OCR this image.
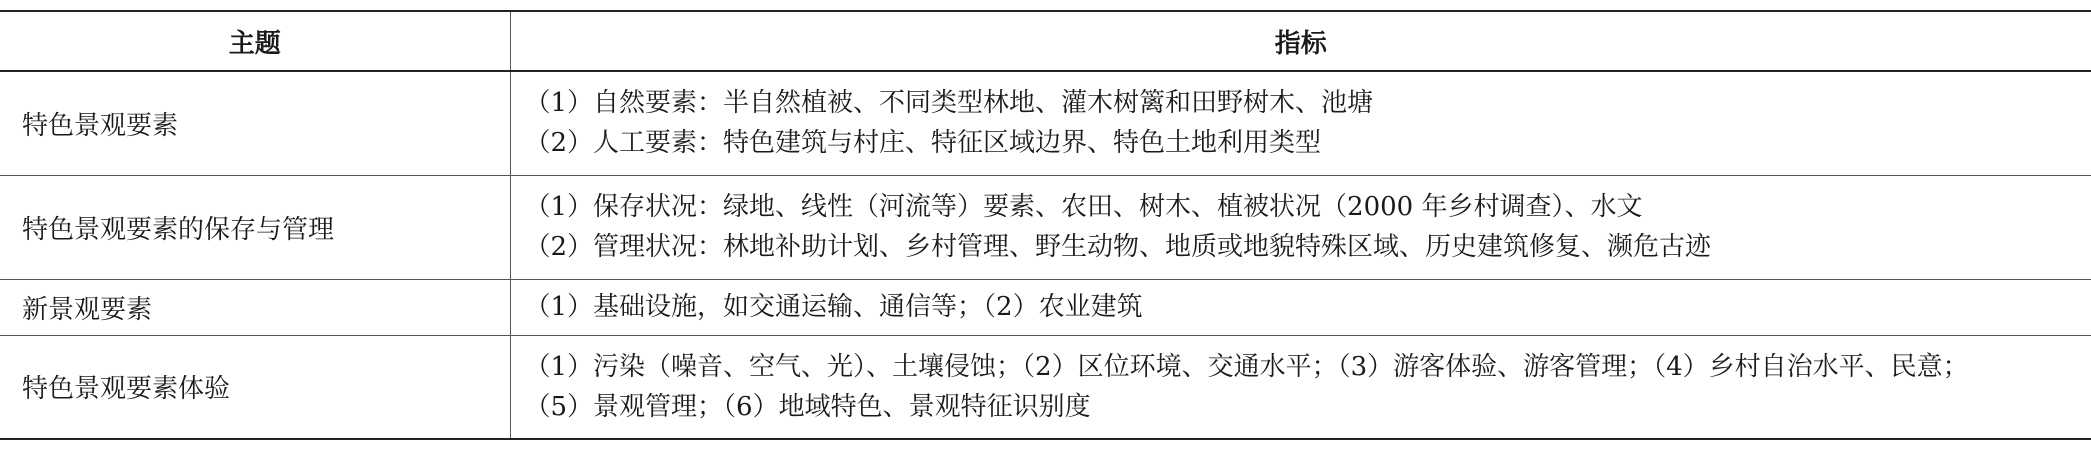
主题	指标
特色景观要素	（1）自然要素：半自然植被、不同类型林地、灌木树篱和田野树木、池塘
（2）人工要素：特色建筑与村庄、特征区域边界、特色土地利用类型

特色景观要素的保存与管理	（1）保存状况：绿地、线性（河流等）要素、农田、树木、植被状况（2000 年乡村调查）、水文
（2）管理状况：林地补助计划、乡村管理、野生动物、地质或地貌特殊区域、历史建筑修复、濒危古迹

新景观要素	（1）基础设施，如交通运输、通信等；（2）农业建筑

特色景观要素体验	（1）污染（噪音、空气、光）、土壤侵蚀；（2）区位环境、交通水平；（3）游客体验、游客管理；（4）乡村自治水平、民意；
（5）景观管理；（6）地域特色、景观特征识别度
